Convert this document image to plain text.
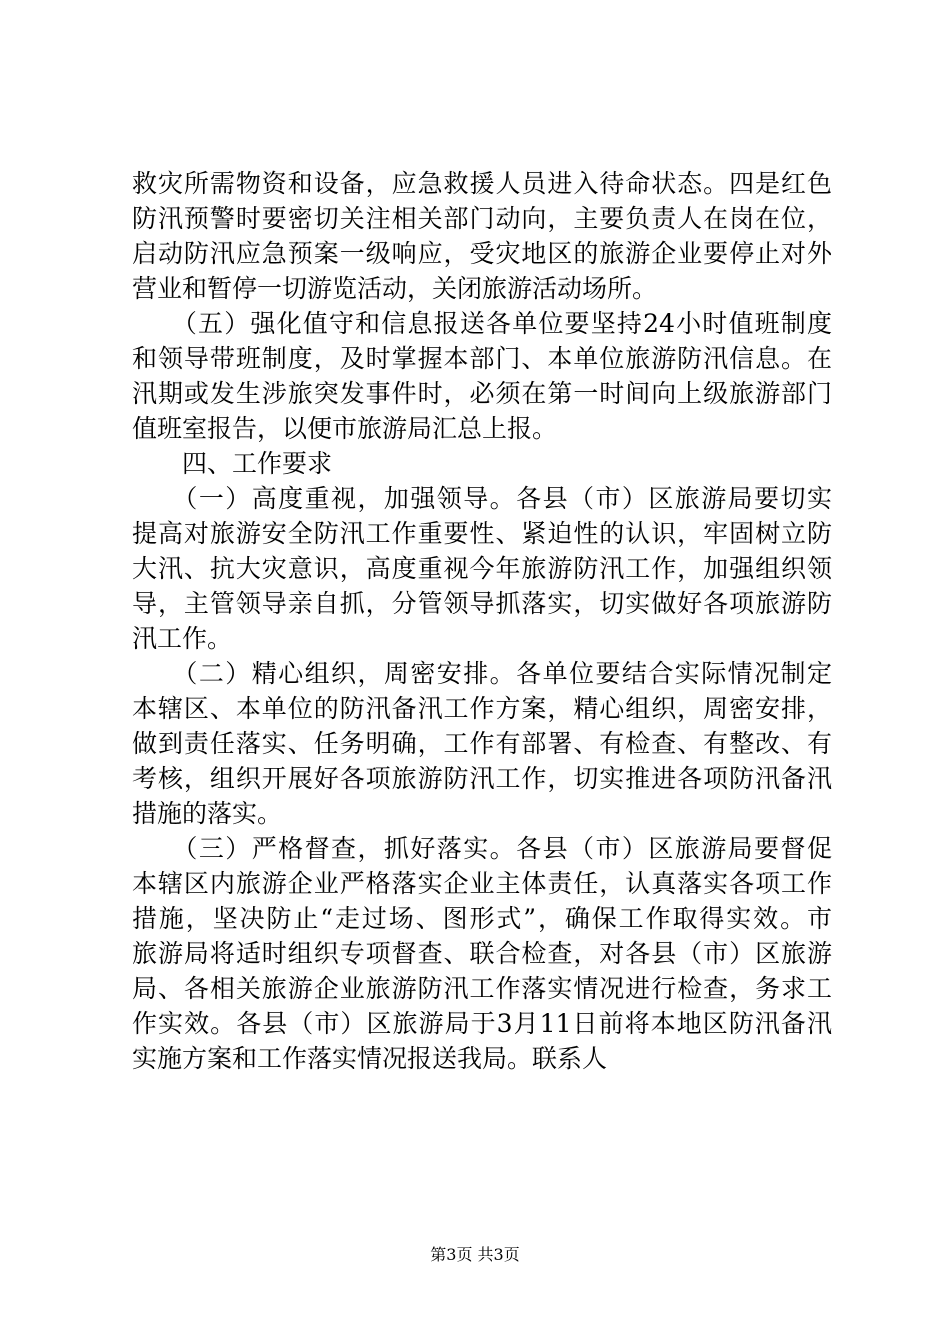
救灾所需物资和设备，应急救援人员进入待命状态。四是红色
防汛预警时要密切关注相关部门动向，主要负责人在岗在位，
启动防汛应急预案一级响应，受灾地区的旅游企业要停止对外
营业和暂停一切游览活动，关闭旅游活动场所。
　　（五）强化值守和信息报送各单位要坚持24小时值班制度
和领导带班制度，及时掌握本部门、本单位旅游防汛信息。在
汛期或发生涉旅突发事件时，必须在第一时间向上级旅游部门
值班室报告，以便市旅游局汇总上报。
　　四、工作要求
　　（一）高度重视，加强领导。各县（市）区旅游局要切实
提高对旅游安全防汛工作重要性、紧迫性的认识，牢固树立防
大汛、抗大灾意识，高度重视今年旅游防汛工作，加强组织领
导，主管领导亲自抓，分管领导抓落实，切实做好各项旅游防
汛工作。
　　（二）精心组织，周密安排。各单位要结合实际情况制定
本辖区、本单位的防汛备汛工作方案，精心组织，周密安排，
做到责任落实、任务明确，工作有部署、有检查、有整改、有
考核，组织开展好各项旅游防汛工作，切实推进各项防汛备汛
措施的落实。
　　（三）严格督查，抓好落实。各县（市）区旅游局要督促
本辖区内旅游企业严格落实企业主体责任，认真落实各项工作
措施，坚决防止“走过场、图形式”，确保工作取得实效。市
旅游局将适时组织专项督查、联合检查，对各县（市）区旅游
局、各相关旅游企业旅游防汛工作落实情况进行检查，务求工
作实效。各县（市）区旅游局于3月11日前将本地区防汛备汛
实施方案和工作落实情况报送我局。联系人
第3页 共3页
